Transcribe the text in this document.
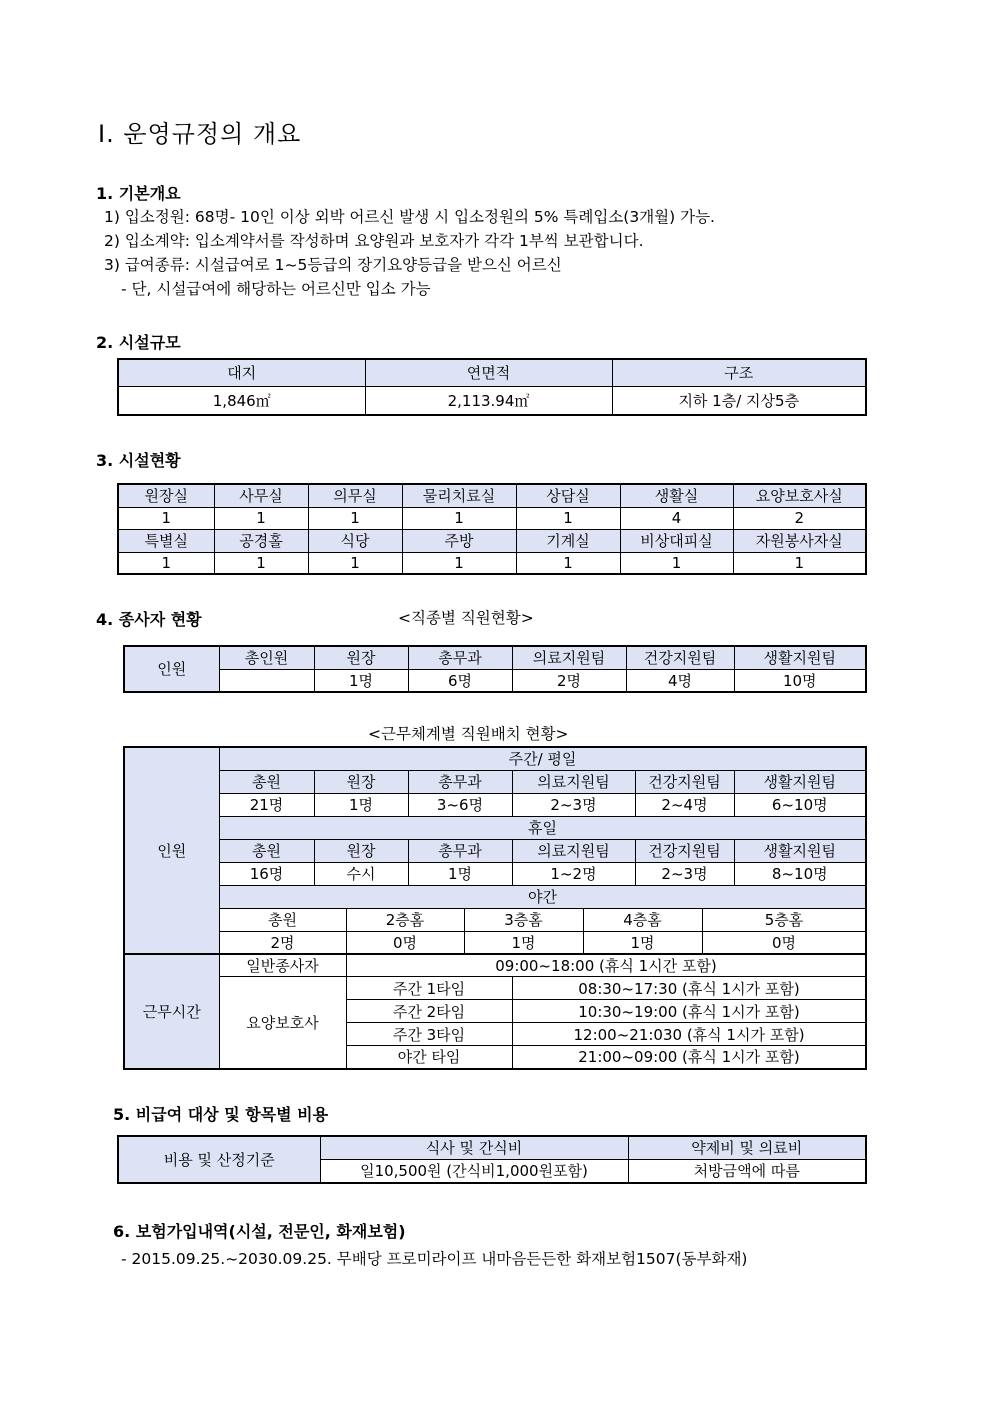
Ⅰ. 운영규정의 개요
1. 기본개요
1) 입소정원: 68명- 10인 이상 외박 어르신 발생 시 입소정원의 5% 특례입소(3개월) 가능.
2) 입소계약: 입소계약서를 작성하며 요양원과 보호자가 각각 1부씩 보관합니다.
3) 급여종류: 시설급여로 1~5등급의 장기요양등급을 받으신 어르신
- 단, 시설급여에 해당하는 어르신만 입소 가능
2. 시설규모
대지	연면적	구조
1,846㎡	2,113.94㎡	지하 1층/ 지상5층
3. 시설현황
원장실	사무실	의무실	물리치료실	상담실	생활실	요양보호사실
1	1	1	1	1	4	2
특별실	공경홀	식당	주방	기계실	비상대피실	자원봉사자실
1	1	1	1	1	1	1
4. 종사자 현황	<직종별 직원현황>
인원	총인원	원장	총무과	의료지원팀	건강지원팀	생활지원팀
		1명	6명	2명	4명	10명
<근무체계별 직원배치 현황>
인원	주간/ 평일									
	총원	원장		총무과		의료지원팀		건강지원팀		생활지원팀
	21명	1명		3~6명		2~3명		2~4명		6~10명
	휴일									
	총원	원장		총무과		의료지원팀		건강지원팀		생활지원팀
	16명	수시		1명		1~2명		2~3명		8~10명
	야간									
	총원		2층홈		3층홈		4층홈		5층홈	
	2명		0명		1명		1명		0명	
근무시간	일반종사자		09:00~18:00 (휴식 1시간 포함)							
	요양보호사		주간 1타임			08:30~17:30 (휴식 1시가 포함)				
			주간 2타임			10:30~19:00 (휴식 1시가 포함)				
			주간 3타임			12:00~21:030 (휴식 1시가 포함)				
			야간 타임			21:00~09:00 (휴식 1시가 포함)				
5. 비급여 대상 및 항목별 비용
비용 및 산정기준	식사 및 간식비	약제비 및 의료비
	일10,500원 (간식비1,000원포함)	처방금액에 따름
6. 보험가입내역(시설, 전문인, 화재보험)
- 2015.09.25.~2030.09.25. 무배당 프로미라이프 내마음든든한 화재보험1507(동부화재)
